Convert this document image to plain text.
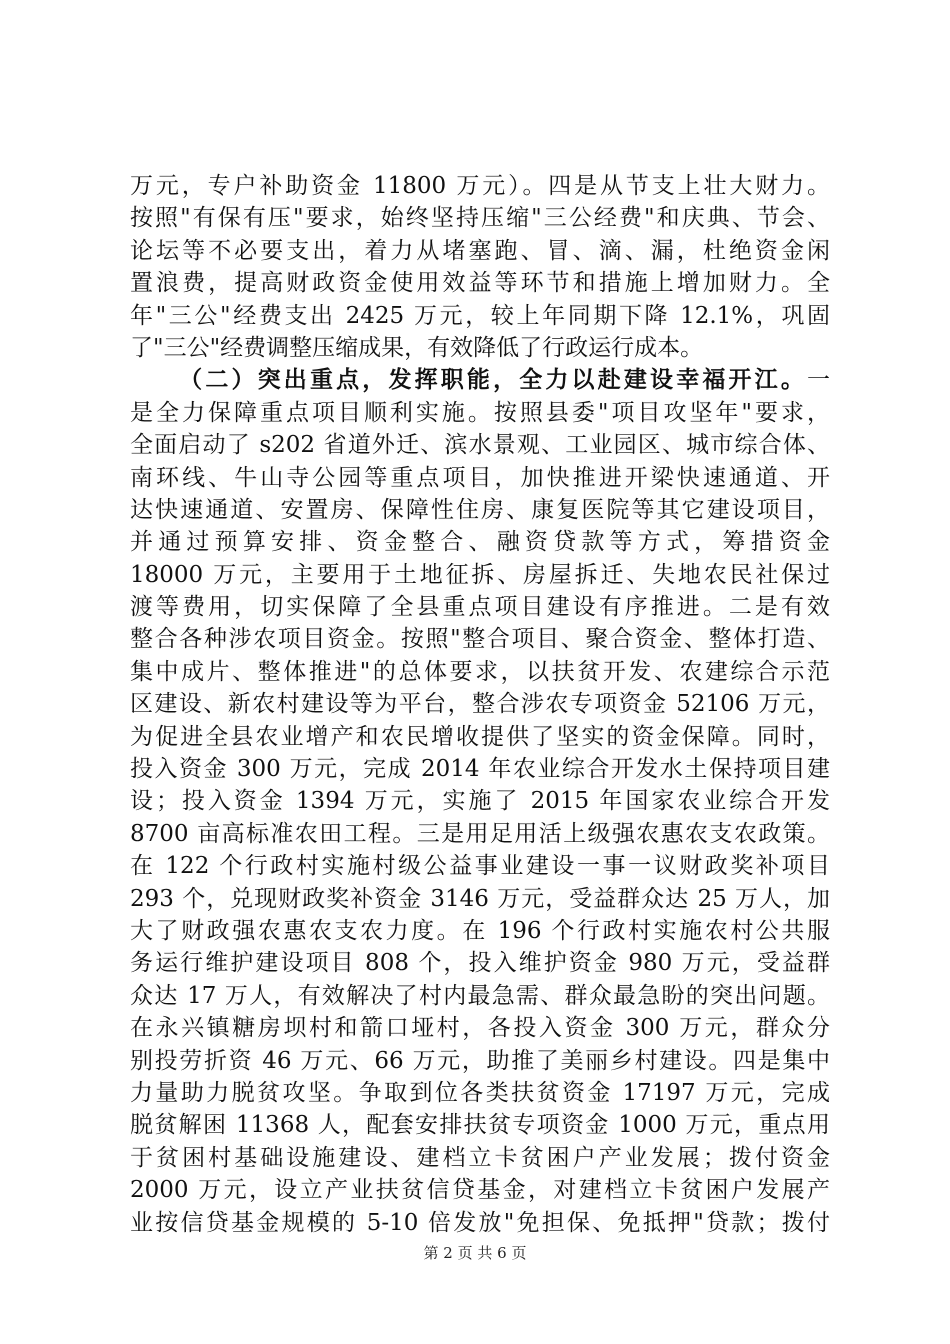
万元，专户补助资金 11800 万元）。四是从节支上壮大财力。
按照"有保有压"要求，始终坚持压缩"三公经费"和庆典、节会、
论坛等不必要支出，着力从堵塞跑、冒、滴、漏，杜绝资金闲
置浪费，提高财政资金使用效益等环节和措施上增加财力。全
年"三公"经费支出 2425 万元，较上年同期下降 12.1%，巩固
了"三公"经费调整压缩成果，有效降低了行政运行成本。
（二）突出重点，发挥职能，全力以赴建设幸福开江。一
是全力保障重点项目顺利实施。按照县委"项目攻坚年"要求，
全面启动了 s202 省道外迁、滨水景观、工业园区、城市综合体、
南环线、牛山寺公园等重点项目，加快推进开梁快速通道、开
达快速通道、安置房、保障性住房、康复医院等其它建设项目，
并通过预算安排、资金整合、融资贷款等方式，筹措资金
18000 万元，主要用于土地征拆、房屋拆迁、失地农民社保过
渡等费用，切实保障了全县重点项目建设有序推进。二是有效
整合各种涉农项目资金。按照"整合项目、聚合资金、整体打造、
集中成片、整体推进"的总体要求，以扶贫开发、农建综合示范
区建设、新农村建设等为平台，整合涉农专项资金 52106 万元，
为促进全县农业增产和农民增收提供了坚实的资金保障。同时，
投入资金 300 万元，完成 2014 年农业综合开发水土保持项目建
设；投入资金 1394 万元，实施了 2015 年国家农业综合开发
8700 亩高标准农田工程。三是用足用活上级强农惠农支农政策。
在 122 个行政村实施村级公益事业建设一事一议财政奖补项目
293 个，兑现财政奖补资金 3146 万元，受益群众达 25 万人，加
大了财政强农惠农支农力度。在 196 个行政村实施农村公共服
务运行维护建设项目 808 个，投入维护资金 980 万元，受益群
众达 17 万人，有效解决了村内最急需、群众最急盼的突出问题。
在永兴镇糖房坝村和箭口垭村，各投入资金 300 万元，群众分
别投劳折资 46 万元、66 万元，助推了美丽乡村建设。四是集中
力量助力脱贫攻坚。争取到位各类扶贫资金 17197 万元，完成
脱贫解困 11368 人，配套安排扶贫专项资金 1000 万元，重点用
于贫困村基础设施建设、建档立卡贫困户产业发展；拨付资金
2000 万元，设立产业扶贫信贷基金，对建档立卡贫困户发展产
业按信贷基金规模的 5-10 倍发放"免担保、免抵押"贷款；拨付
第 2 页 共 6 页
